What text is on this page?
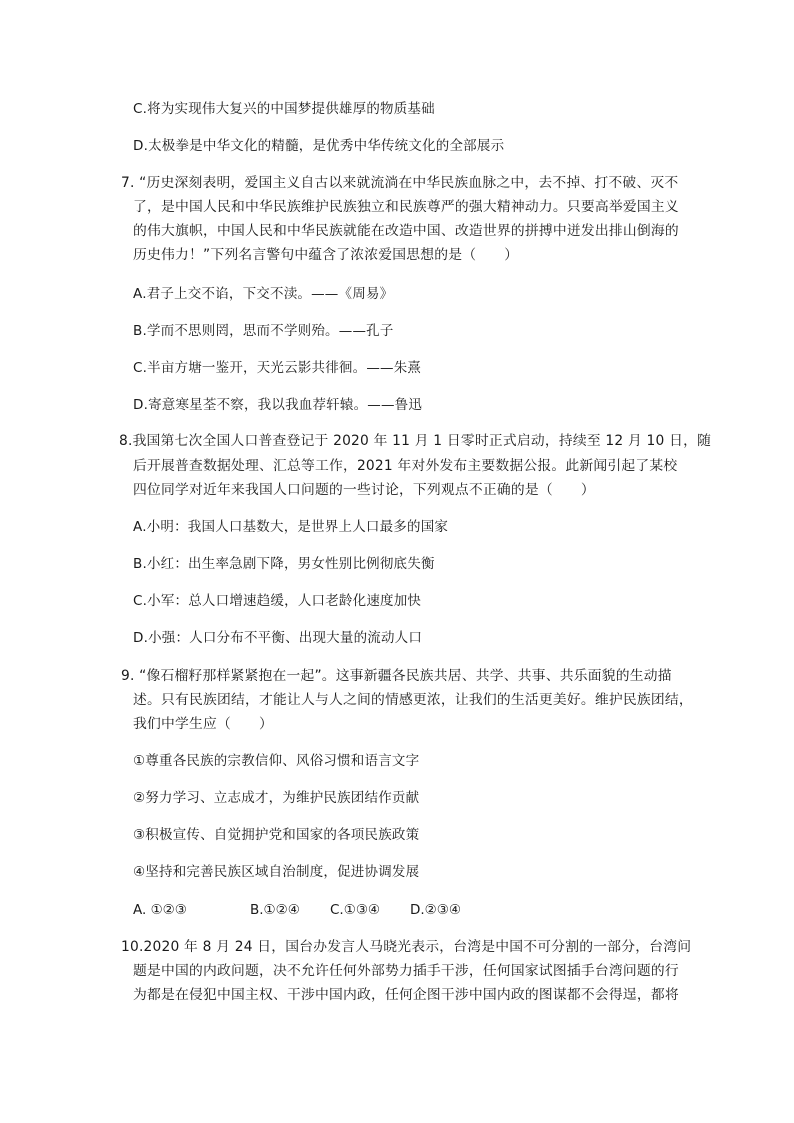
C.将为实现伟大复兴的中国梦提供雄厚的物质基础
D.太极拳是中华文化的精髓，是优秀中华传统文化的全部展示
7. “历史深刻表明，爱国主义自古以来就流淌在中华民族血脉之中，去不掉、打不破、灭不
了，是中国人民和中华民族维护民族独立和民族尊严的强大精神动力。只要高举爱国主义
的伟大旗帜，中国人民和中华民族就能在改造中国、改造世界的拼搏中迸发出排山倒海的
历史伟力！”下列名言警句中蕴含了浓浓爱国思想的是（　　）
A.君子上交不谄，下交不渎。——《周易》
B.学而不思则罔，思而不学则殆。——孔子
C.半亩方塘一鉴开，天光云影共徘徊。——朱熹
D.寄意寒星荃不察，我以我血荐轩辕。——鲁迅
8.我国第七次全国人口普查登记于 2020 年 11 月 1 日零时正式启动，持续至 12 月 10 日，随
后开展普查数据处理、汇总等工作，2021 年对外发布主要数据公报。此新闻引起了某校
四位同学对近年来我国人口问题的一些讨论，下列观点不正确的是（　　）
A.小明：我国人口基数大，是世界上人口最多的国家
B.小红：出生率急剧下降，男女性别比例彻底失衡
C.小军：总人口增速趋缓，人口老龄化速度加快
D.小强：人口分布不平衡、出现大量的流动人口
9. “像石榴籽那样紧紧抱在一起”。这事新疆各民族共居、共学、共事、共乐面貌的生动描
述。只有民族团结，才能让人与人之间的情感更浓，让我们的生活更美好。维护民族团结，
我们中学生应（　　）
①尊重各民族的宗教信仰、风俗习惯和语言文字
②努力学习、立志成才，为维护民族团结作贡献
③积极宣传、自觉拥护党和国家的各项民族政策
④坚持和完善民族区域自治制度，促进协调发展
A. ①②③	B.①②④	C.①③④	D.②③④
10.2020 年 8 月 24 日，国台办发言人马晓光表示，台湾是中国不可分割的一部分，台湾问
题是中国的内政问题，决不允许任何外部势力插手干涉，任何国家试图插手台湾问题的行
为都是在侵犯中国主权、干涉中国内政，任何企图干涉中国内政的图谋都不会得逞，都将
